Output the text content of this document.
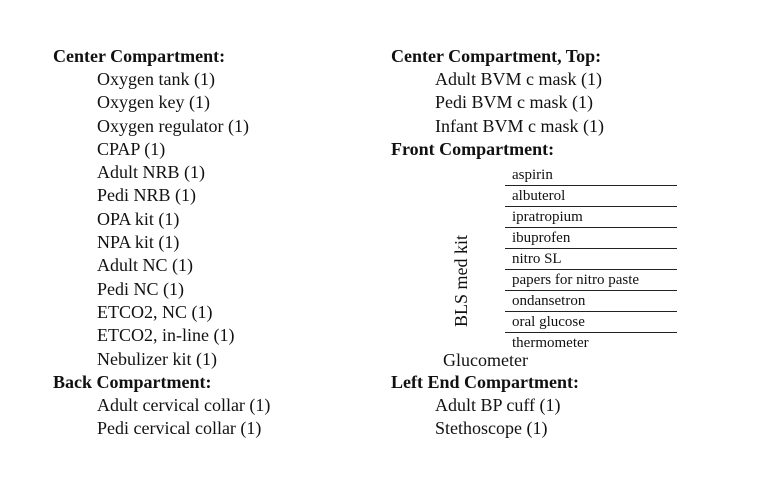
Center Compartment:
Oxygen tank (1)
Oxygen key (1)
Oxygen regulator (1)
CPAP (1)
Adult NRB (1)
Pedi NRB (1)
OPA kit (1)
NPA kit (1)
Adult NC (1)
Pedi NC (1)
ETCO2, NC (1)
ETCO2, in-line (1)
Nebulizer kit (1)
Back Compartment:
Adult cervical collar (1)
Pedi cervical collar (1)
Center Compartment, Top:
Adult BVM c mask (1)
Pedi BVM c mask (1)
Infant BVM c mask (1)
Front Compartment:
BLS med kit
aspirin
albuterol
ipratropium
ibuprofen
nitro SL
papers for nitro paste
ondansetron
oral glucose
thermometer
Glucometer
Left End Compartment:
Adult BP cuff (1)
Stethoscope (1)
